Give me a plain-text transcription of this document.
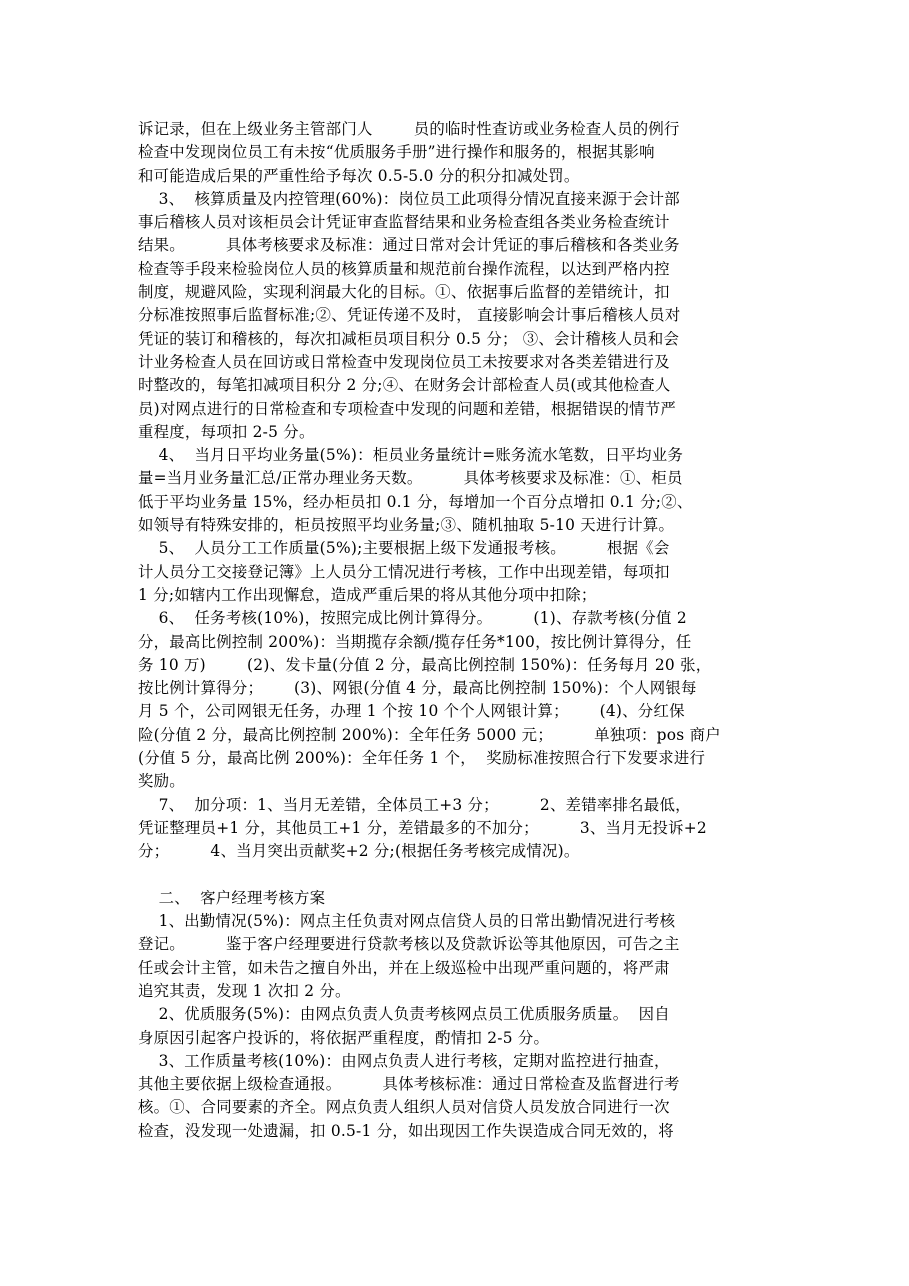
诉记录，但在上级业务主管部门人        员的临时性查访或业务检查人员的例行
检查中发现岗位员工有未按“优质服务手册”进行操作和服务的，根据其影响
和可能造成后果的严重性给予每次 0.5-5.0 分的积分扣减处罚。
3、  核算质量及内控管理(60%)：岗位员工此项得分情况直接来源于会计部
事后稽核人员对该柜员会计凭证审查监督结果和业务检查组各类业务检查统计
结果。        具体考核要求及标准：通过日常对会计凭证的事后稽核和各类业务
检查等手段来检验岗位人员的核算质量和规范前台操作流程，以达到严格内控
制度，规避风险，实现利润最大化的目标。①、依据事后监督的差错统计，扣
分标准按照事后监督标准;②、凭证传递不及时， 直接影响会计事后稽核人员对
凭证的装订和稽核的，每次扣减柜员项目积分 0.5 分； ③、会计稽核人员和会
计业务检查人员在回访或日常检查中发现岗位员工未按要求对各类差错进行及
时整改的，每笔扣减项目积分 2 分;④、在财务会计部检查人员(或其他检查人
员)对网点进行的日常检查和专项检查中发现的问题和差错，根据错误的情节严
重程度，每项扣 2-5 分。
4、  当月日平均业务量(5%)：柜员业务量统计=账务流水笔数，日平均业务
量=当月业务量汇总/正常办理业务天数。        具体考核要求及标准：①、柜员
低于平均业务量 15%，经办柜员扣 0.1 分，每增加一个百分点增扣 0.1 分;②、
如领导有特殊安排的，柜员按照平均业务量;③、随机抽取 5-10 天进行计算。
5、  人员分工工作质量(5%);主要根据上级下发通报考核。        根据《会
计人员分工交接登记簿》上人员分工情况进行考核，工作中出现差错，每项扣
1 分;如辖内工作出现懈怠，造成严重后果的将从其他分项中扣除；
6、  任务考核(10%)，按照完成比例计算得分。        (1)、存款考核(分值 2
分，最高比例控制 200%)：当期揽存余额/揽存任务*100，按比例计算得分，任
务 10 万)        (2)、发卡量(分值 2 分，最高比例控制 150%)：任务每月 20 张，
按比例计算得分；      (3)、网银(分值 4 分，最高比例控制 150%)：个人网银每
月 5 个，公司网银无任务，办理 1 个按 10 个个人网银计算；      (4)、分红保
险(分值 2 分，最高比例控制 200%)：全年任务 5000 元；        单独项：pos 商户
(分值 5 分，最高比例 200%)：全年任务 1 个，  奖励标准按照合行下发要求进行
奖励。
7、  加分项：1、当月无差错，全体员工+3 分；        2、差错率排名最低，
凭证整理员+1 分，其他员工+1 分，差错最多的不加分；        3、当月无投诉+2
分；        4、当月突出贡献奖+2 分;(根据任务考核完成情况)。
二、  客户经理考核方案
1、出勤情况(5%)：网点主任负责对网点信贷人员的日常出勤情况进行考核
登记。        鉴于客户经理要进行贷款考核以及贷款诉讼等其他原因，可告之主
任或会计主管，如未告之擅自外出，并在上级巡检中出现严重问题的，将严肃
追究其责，发现 1 次扣 2 分。
2、优质服务(5%)：由网点负责人负责考核网点员工优质服务质量。  因自
身原因引起客户投诉的，将依据严重程度，酌情扣 2-5 分。
3、工作质量考核(10%)：由网点负责人进行考核，定期对监控进行抽查，
其他主要依据上级检查通报。        具体考核标准：通过日常检查及监督进行考
核。①、合同要素的齐全。网点负责人组织人员对信贷人员发放合同进行一次
检查，没发现一处遗漏，扣 0.5-1 分，如出现因工作失误造成合同无效的，将
